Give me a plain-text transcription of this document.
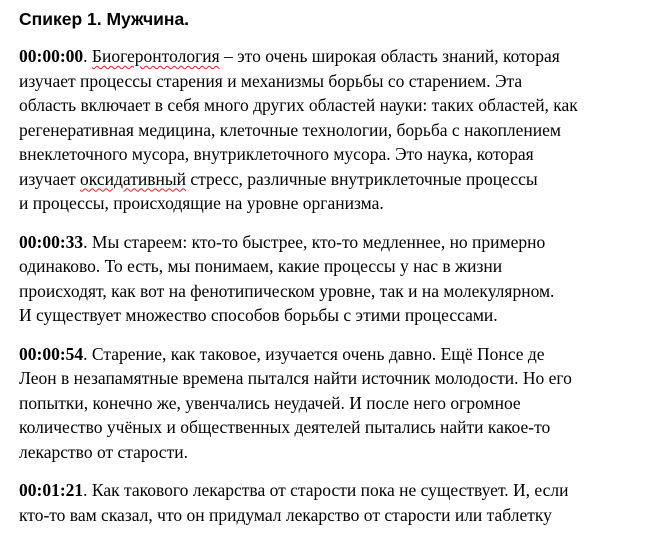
Спикер 1. Мужчина.
00:00:00. Биогеронтология – это очень широкая область знаний, которая
изучает процессы старения и механизмы борьбы со старением. Эта
область включает в себя много других областей науки: таких областей, как
регенеративная медицина, клеточные технологии, борьба с накоплением
внеклеточного мусора, внутриклеточного мусора. Это наука, которая
изучает оксидативный стресс, различные внутриклеточные процессы
и процессы, происходящие на уровне организма.
00:00:33. Мы стареем: кто-то быстрее, кто-то медленнее, но примерно
одинаково. То есть, мы понимаем, какие процессы у нас в жизни
происходят, как вот на фенотипическом уровне, так и на молекулярном.
И существует множество способов борьбы с этими процессами.
00:00:54. Старение, как таковое, изучается очень давно. Ещё Понсе де
Леон в незапамятные времена пытался найти источник молодости. Но его
попытки, конечно же, увенчались неудачей. И после него огромное
количество учёных и общественных деятелей пытались найти какое-то
лекарство от старости.
00:01:21. Как такового лекарства от старости пока не существует. И, если
кто-то вам сказал, что он придумал лекарство от старости или таблетку
